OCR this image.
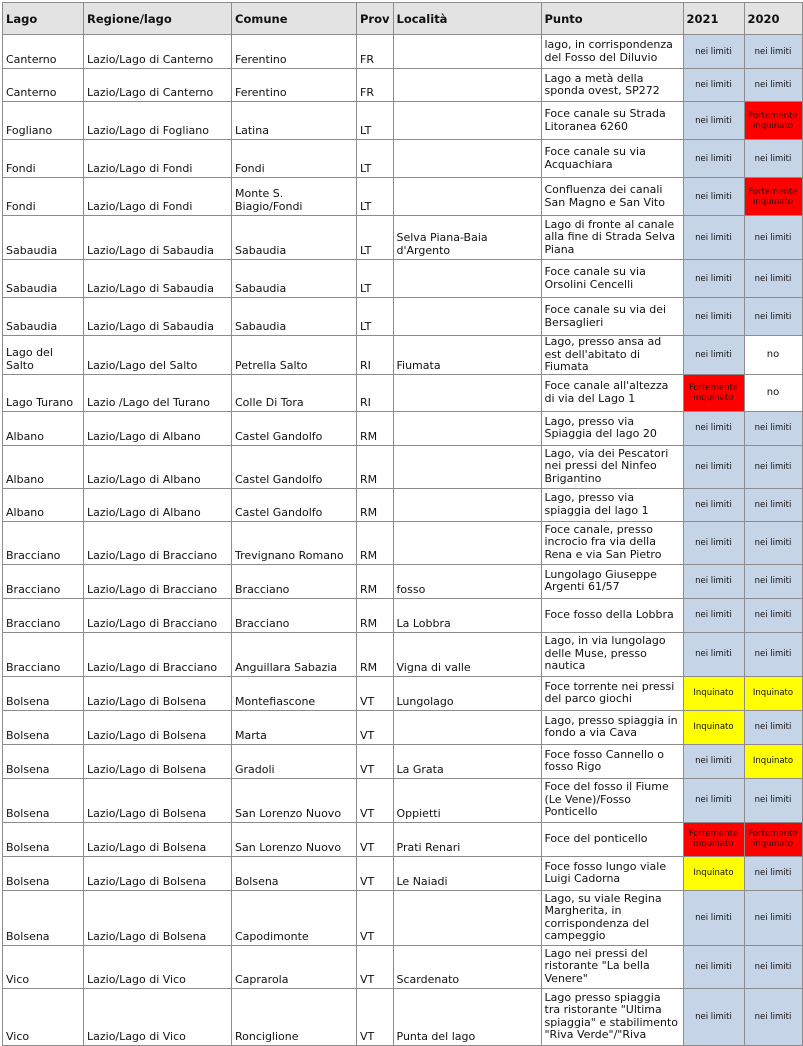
Lago	Regione/lago	Comune	Prov	Località	Punto	2021	2020
Canterno	Lazio/Lago di Canterno	Ferentino	FR		lago, in corrispondenza del Fosso del Diluvio	nei limiti	nei limiti
Canterno	Lazio/Lago di Canterno	Ferentino	FR		Lago a metà della sponda ovest, SP272	nei limiti	nei limiti
Fogliano	Lazio/Lago di Fogliano	Latina	LT		Foce canale su Strada Litoranea 6260	nei limiti	Fortemente inquinato
Fondi	Lazio/Lago di Fondi	Fondi	LT		Foce canale su via Acquachiara	nei limiti	nei limiti
Fondi	Lazio/Lago di Fondi	Monte S. Biagio/Fondi	LT		Confluenza dei canali San Magno e San Vito	nei limiti	Fortemente inquinato
Sabaudia	Lazio/Lago di Sabaudia	Sabaudia	LT	Selva Piana-Baia d'Argento	Lago di fronte al canale alla fine di Strada Selva Piana	nei limiti	nei limiti
Sabaudia	Lazio/Lago di Sabaudia	Sabaudia	LT		Foce canale su via Orsolini Cencelli	nei limiti	nei limiti
Sabaudia	Lazio/Lago di Sabaudia	Sabaudia	LT		Foce canale su via dei Bersaglieri	nei limiti	nei limiti
Lago del Salto	Lazio/Lago del Salto	Petrella Salto	RI	Fiumata	Lago, presso ansa ad est dell'abitato di Fiumata	nei limiti	no
Lago Turano	Lazio /Lago del Turano	Colle Di Tora	RI		Foce canale all'altezza di via del Lago 1	Fortemente inquinato	no
Albano	Lazio/Lago di Albano	Castel Gandolfo	RM		Lago, presso via Spiaggia del lago 20	nei limiti	nei limiti
Albano	Lazio/Lago di Albano	Castel Gandolfo	RM		Lago, via dei Pescatori nei pressi del Ninfeo Brigantino	nei limiti	nei limiti
Albano	Lazio/Lago di Albano	Castel Gandolfo	RM		Lago, presso via spiaggia del lago 1	nei limiti	nei limiti
Bracciano	Lazio/Lago di Bracciano	Trevignano Romano	RM		Foce canale, presso incrocio fra via della Rena e via San Pietro	nei limiti	nei limiti
Bracciano	Lazio/Lago di Bracciano	Bracciano	RM	fosso	Lungolago Giuseppe Argenti 61/57	nei limiti	nei limiti
Bracciano	Lazio/Lago di Bracciano	Bracciano	RM	La Lobbra	Foce fosso della Lobbra	nei limiti	nei limiti
Bracciano	Lazio/Lago di Bracciano	Anguillara Sabazia	RM	Vigna di valle	Lago, in via lungolago delle Muse, presso nautica	nei limiti	nei limiti
Bolsena	Lazio/Lago di Bolsena	Montefiascone	VT	Lungolago	Foce torrente nei pressi del parco giochi	Inquinato	Inquinato
Bolsena	Lazio/Lago di Bolsena	Marta	VT		Lago, presso spiaggia in fondo a via Cava	Inquinato	nei limiti
Bolsena	Lazio/Lago di Bolsena	Gradoli	VT	La Grata	Foce fosso Cannello o fosso Rigo	nei limiti	Inquinato
Bolsena	Lazio/Lago di Bolsena	San Lorenzo Nuovo	VT	Oppietti	Foce del fosso il Fiume (Le Vene)/Fosso Ponticello	nei limiti	nei limiti
Bolsena	Lazio/Lago di Bolsena	San Lorenzo Nuovo	VT	Prati Renari	Foce del ponticello	Fortemente inquinato	Fortemente inquinato
Bolsena	Lazio/Lago di Bolsena	Bolsena	VT	Le Naiadi	Foce fosso lungo viale Luigi Cadorna	Inquinato	nei limiti
Bolsena	Lazio/Lago di Bolsena	Capodimonte	VT		Lago, su viale Regina Margherita, in corrispondenza del campeggio	nei limiti	nei limiti
Vico	Lazio/Lago di Vico	Caprarola	VT	Scardenato	Lago nei pressi del ristorante "La bella Venere"	nei limiti	nei limiti
Vico	Lazio/Lago di Vico	Ronciglione	VT	Punta del lago	Lago presso spiaggia tra ristorante "Ultima spiaggia" e stabilimento "Riva Verde"/"Riva	nei limiti	nei limiti
